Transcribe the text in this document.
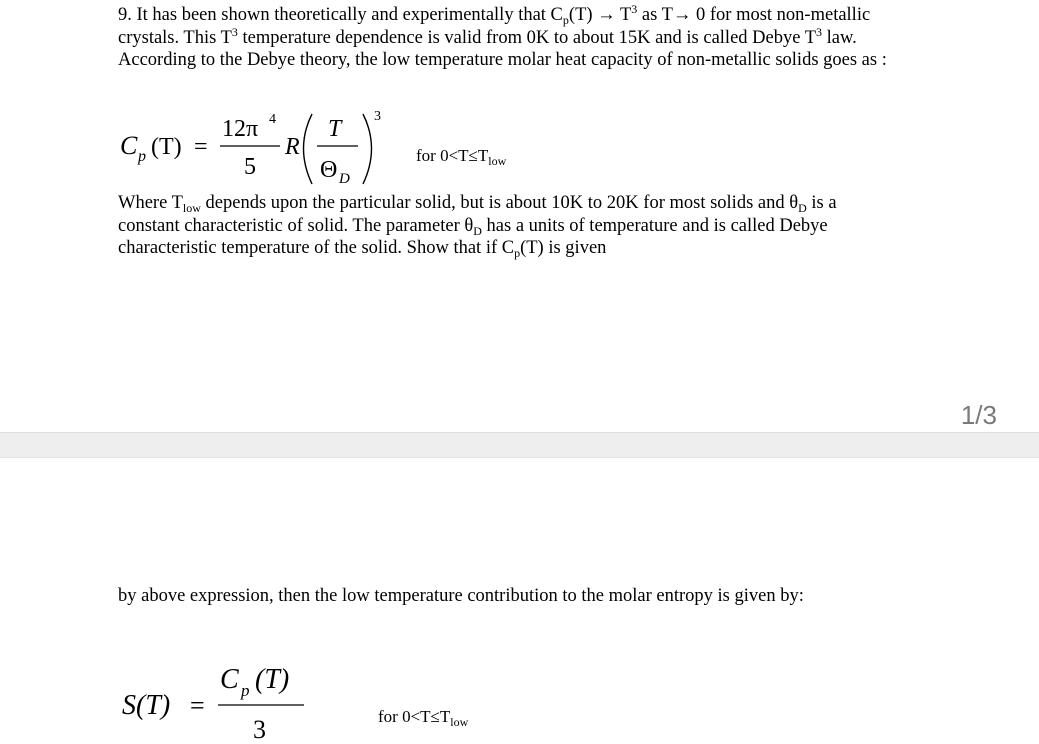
9. It has been shown theoretically and experimentally that $C_p(T) \to T^3$ as T→ 0 for most non-metallic crystals. This $T^3$ temperature dependence is valid from 0K to about 15K and is called Debye $T^3$ law. According to the Debye theory, the low temperature molar heat capacity of non-metallic solids goes as :

C p (T) =
12π 4
5
R
T
Θ D
3
for $0<T\le T_{low}$

Where $T_{low}$ depends upon the particular solid, but is about 10K to 20K for most solids and $\theta_D$ is a constant characteristic of solid. The parameter $\theta_D$ has a units of temperature and is called Debye characteristic temperature of the solid. Show that if $C_p(T)$ is given

1/3

by above expression, then the low temperature contribution to the molar entropy is given by:

S(T) =
C p (T)
3	for $0<T\le T_{low}$
